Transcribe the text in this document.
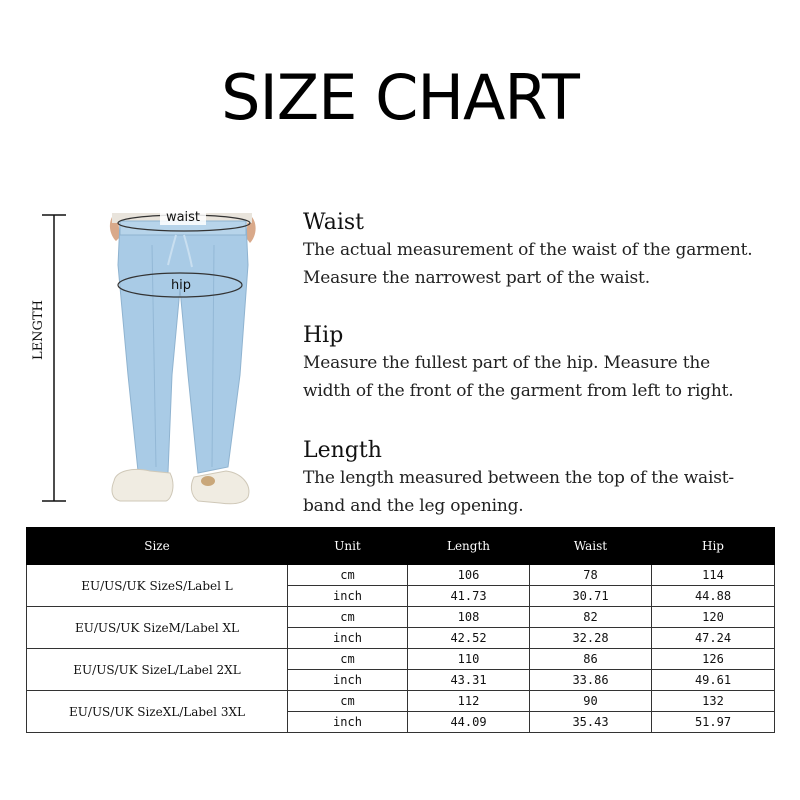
SIZE CHART
LENGTH
waist
hip
Waist
The actual measurement of the waist of the garment.
Measure the narrowest part of the waist.
Hip
Measure the fullest part of the hip. Measure the
width of the front of the garment from left to right.
Length
The length measured between the top of the waist-
band and the leg opening.
Size	Unit	Length	Waist	Hip
EU/US/UK SizeS/Label L	cm	106	78	114
	inch	41.73	30.71	44.88
EU/US/UK SizeM/Label XL	cm	108	82	120
	inch	42.52	32.28	47.24
EU/US/UK SizeL/Label 2XL	cm	110	86	126
	inch	43.31	33.86	49.61
EU/US/UK SizeXL/Label 3XL	cm	112	90	132
	inch	44.09	35.43	51.97
